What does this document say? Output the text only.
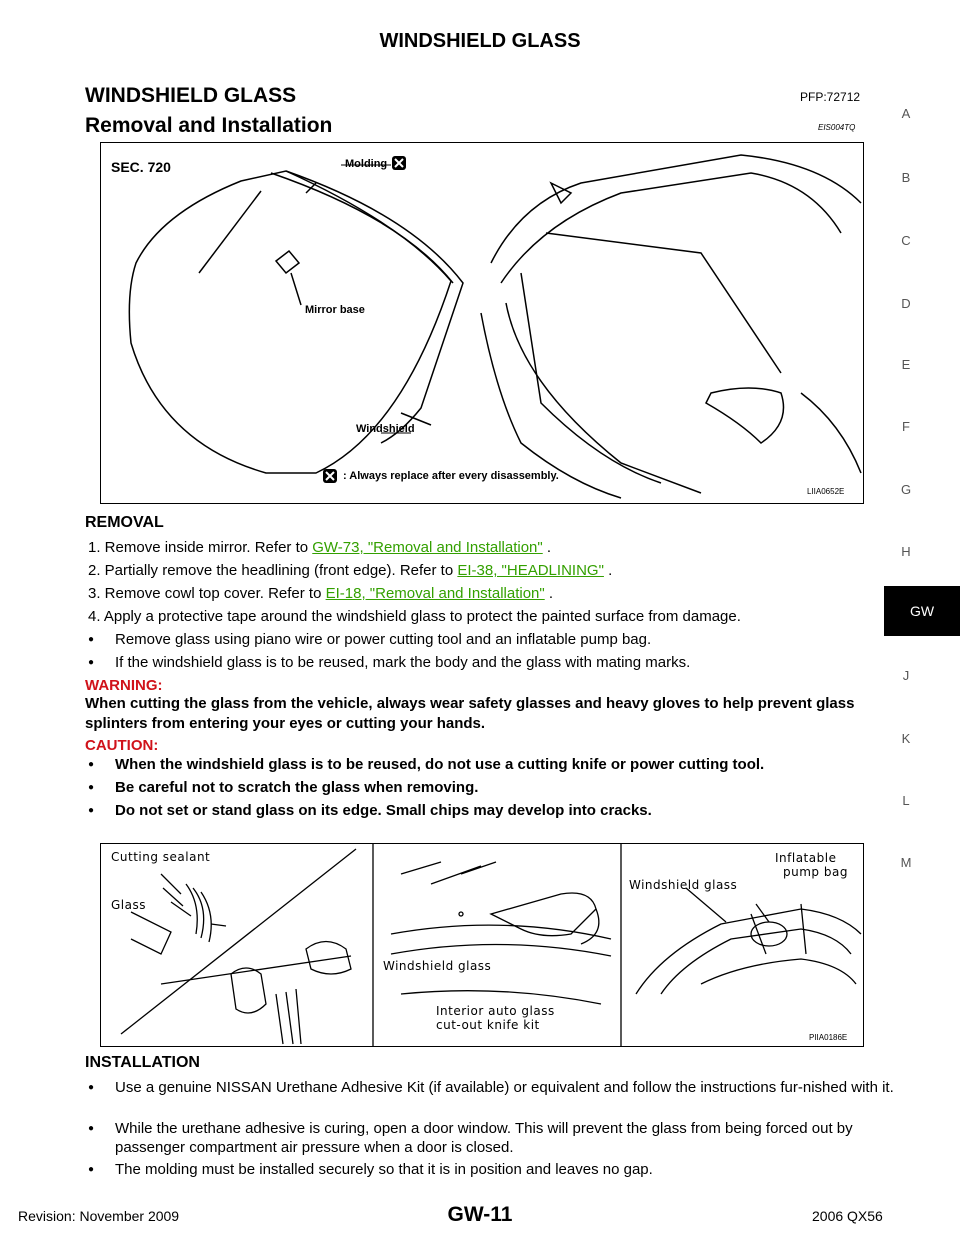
WINDSHIELD GLASS
WINDSHIELD GLASS	PFP:72712
Removal and Installation	EIS004TQ
SEC. 720	Molding
Mirror base
Windshield
: Always replace after every disassembly.
LIIA0652E
REMOVAL
1. Remove inside mirror. Refer to GW-73, "Removal and Installation" .
2. Partially remove the headlining (front edge). Refer to EI-38, "HEADLINING" .
3. Remove cowl top cover. Refer to EI-18, "Removal and Installation" .
4. Apply a protective tape around the windshield glass to protect the painted surface from damage.
● Remove glass using piano wire or power cutting tool and an inflatable pump bag.
● If the windshield glass is to be reused, mark the body and the glass with mating marks.
WARNING:
When cutting the glass from the vehicle, always wear safety glasses and heavy gloves to help prevent glass splinters from entering your eyes or cutting your hands.
CAUTION:
● When the windshield glass is to be reused, do not use a cutting knife or power cutting tool.
● Be careful not to scratch the glass when removing.
● Do not set or stand glass on its edge. Small chips may develop into cracks.
Cutting sealant
Glass
Windshield glass
Interior auto glass
cut-out knife kit
Windshield glass
Inflatable
pump bag
PIIA0186E
INSTALLATION
● Use a genuine NISSAN Urethane Adhesive Kit (if available) or equivalent and follow the instructions fur-nished with it.
● While the urethane adhesive is curing, open a door window. This will prevent the glass from being forced out by passenger compartment air pressure when a door is closed.
● The molding must be installed securely so that it is in position and leaves no gap.
A
B
C
D
E
F
G
H
GW
J
K
L
M
Revision: November 2009	GW-11	2006 QX56
